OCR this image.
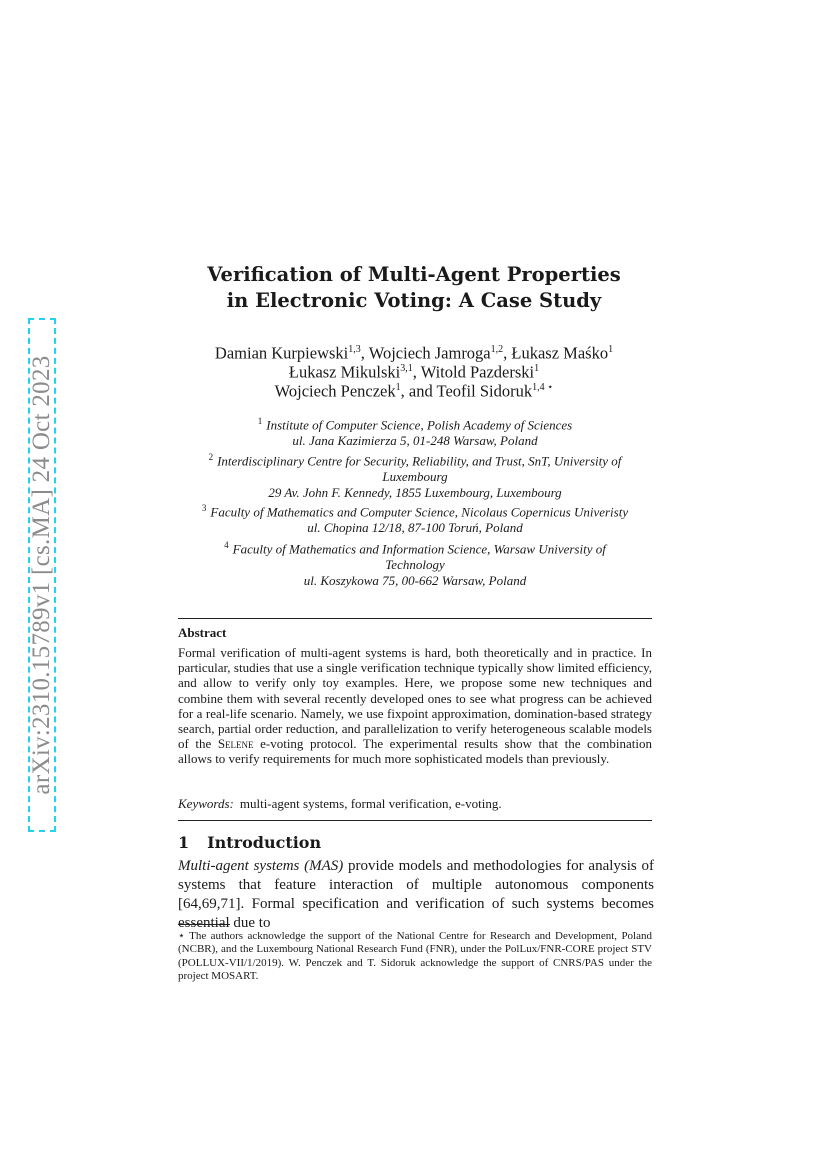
arXiv:2310.15789v1 [cs.MA] 24 Oct 2023
Verification of Multi-Agent Properties
in Electronic Voting: A Case Study
Damian Kurpiewski$^{1,3}$, Wojciech Jamroga$^{1,2}$, Łukasz Maśko$^1$
Łukasz Mikulski$^{3,1}$, Witold Pazderski$^1$
Wojciech Penczek$^1$, and Teofil Sidoruk$^{1,4 ⋆}$
$^1$ Institute of Computer Science, Polish Academy of Sciences
ul. Jana Kazimierza 5, 01-248 Warsaw, Poland
$^2$ Interdisciplinary Centre for Security, Reliability, and Trust, SnT, University of
Luxembourg
29 Av. John F. Kennedy, 1855 Luxembourg, Luxembourg
$^3$ Faculty of Mathematics and Computer Science, Nicolaus Copernicus Univeristy
ul. Chopina 12/18, 87-100 Toruń, Poland
$^4$ Faculty of Mathematics and Information Science, Warsaw University of
Technology
ul. Koszykowa 75, 00-662 Warsaw, Poland
Abstract
Formal verification of multi-agent systems is hard, both theoretically and in practice. In particular, studies that use a single verification technique typically show limited efficiency, and allow to verify only toy examples. Here, we propose some new techniques and combine them with several recently developed ones to see what progress can be achieved for a real-life scenario. Namely, we use fixpoint approximation, domination-based strategy search, partial order reduction, and parallelization to verify heterogeneous scalable models of the Selene e-voting protocol. The experimental results show that the combination allows to verify requirements for much more sophisticated models than previously.
Keywords: multi-agent systems, formal verification, e-voting.
1 Introduction
Multi-agent systems (MAS) provide models and methodologies for analysis of systems that feature interaction of multiple autonomous components [64,69,71]. Formal specification and verification of such systems becomes essential due to
⋆ The authors acknowledge the support of the National Centre for Research and Development, Poland (NCBR), and the Luxembourg National Research Fund (FNR), under the PolLux/FNR-CORE project STV (POLLUX-VII/1/2019). W. Penczek and T. Sidoruk acknowledge the support of CNRS/PAS under the project MOSART.
